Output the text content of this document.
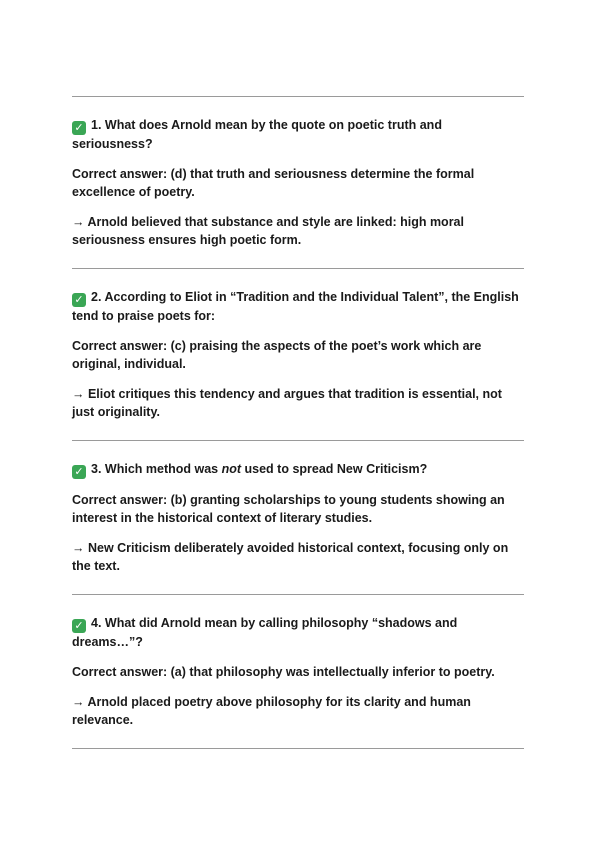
✓ 1. What does Arnold mean by the quote on poetic truth and seriousness?

Correct answer: (d) that truth and seriousness determine the formal excellence of poetry.

→ Arnold believed that substance and style are linked: high moral seriousness ensures high poetic form.

✓ 2. According to Eliot in “Tradition and the Individual Talent”, the English tend to praise poets for:

Correct answer: (c) praising the aspects of the poet’s work which are original, individual.

→ Eliot critiques this tendency and argues that tradition is essential, not just originality.

✓ 3. Which method was not used to spread New Criticism?

Correct answer: (b) granting scholarships to young students showing an interest in the historical context of literary studies.

→ New Criticism deliberately avoided historical context, focusing only on the text.

✓ 4. What did Arnold mean by calling philosophy “shadows and dreams…”?

Correct answer: (a) that philosophy was intellectually inferior to poetry.

→ Arnold placed poetry above philosophy for its clarity and human relevance.
